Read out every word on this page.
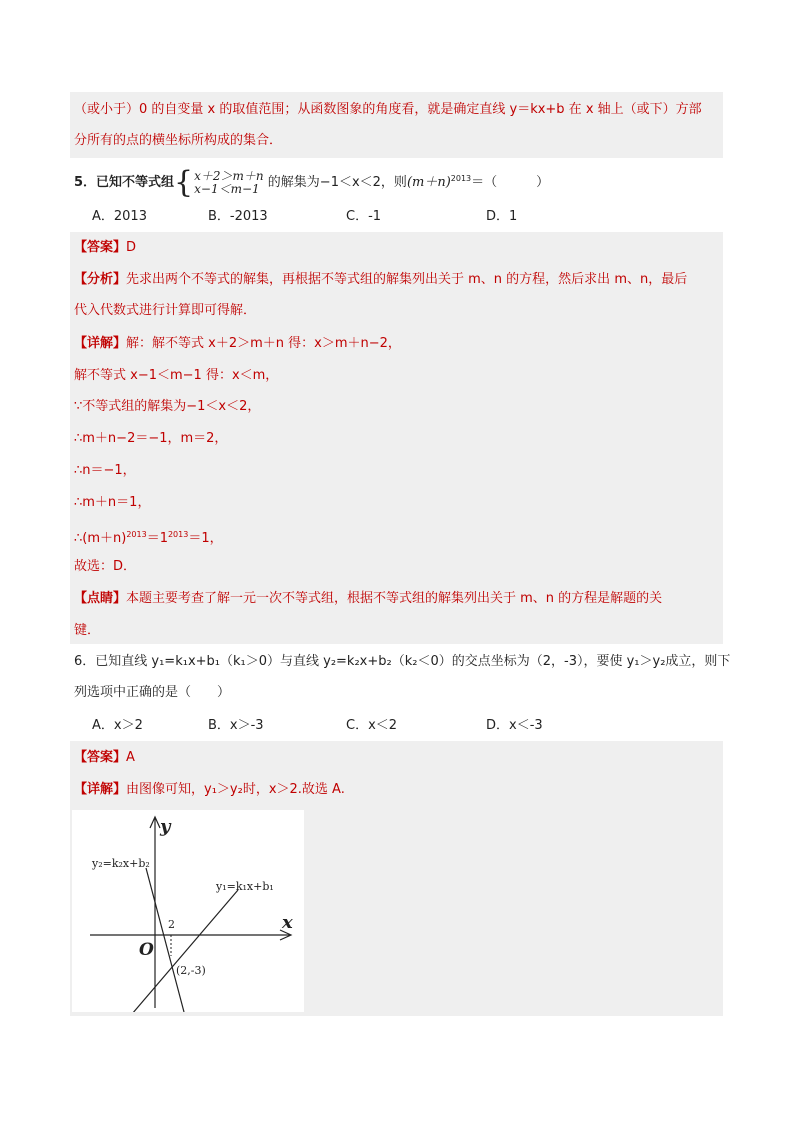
（或小于）0 的自变量 x 的取值范围；从函数图象的角度看，就是确定直线 y＝kx+b 在 x 轴上（或下）方部
分所有的点的横坐标所构成的集合．
5．已知不等式组{x＋2＞m＋n
x−1＜m−1 的解集为−1＜x＜2，则$(m+n)^{2013}=$（　　　）
A．2013	B．-2013	C．-1	D．1
【答案】D
【分析】先求出两个不等式的解集，再根据不等式组的解集列出关于 m、n 的方程，然后求出 m、n，最后
代入代数式进行计算即可得解．
【详解】解：解不等式 x＋2＞m＋n 得：x＞m＋n−2，
解不等式 x−1＜m−1 得：x＜m，
∵不等式组的解集为−1＜x＜2，
∴m＋n−2＝−1，m＝2，
∴n＝−1，
∴m＋n＝1，
$\therefore(m+n)^{2013}=1^{2013}=1$，
故选：D．
【点睛】本题主要考查了解一元一次不等式组，根据不等式组的解集列出关于 m、n 的方程是解题的关
键．
6．已知直线 y₁=k₁x+b₁（k₁＞0）与直线 y₂=k₂x+b₂（k₂＜0）的交点坐标为（2，-3），要使 y₁＞y₂成立，则下
列选项中正确的是（　　）
A．x＞2	B．x＞-3	C．x＜2	D．x＜-3
【答案】A
【详解】由图像可知，y₁＞y₂时，x＞2.故选 A.
y
x
O
2
(2,-3)
y₁=k₁x+b₁
y₂=k₂x+b₂
